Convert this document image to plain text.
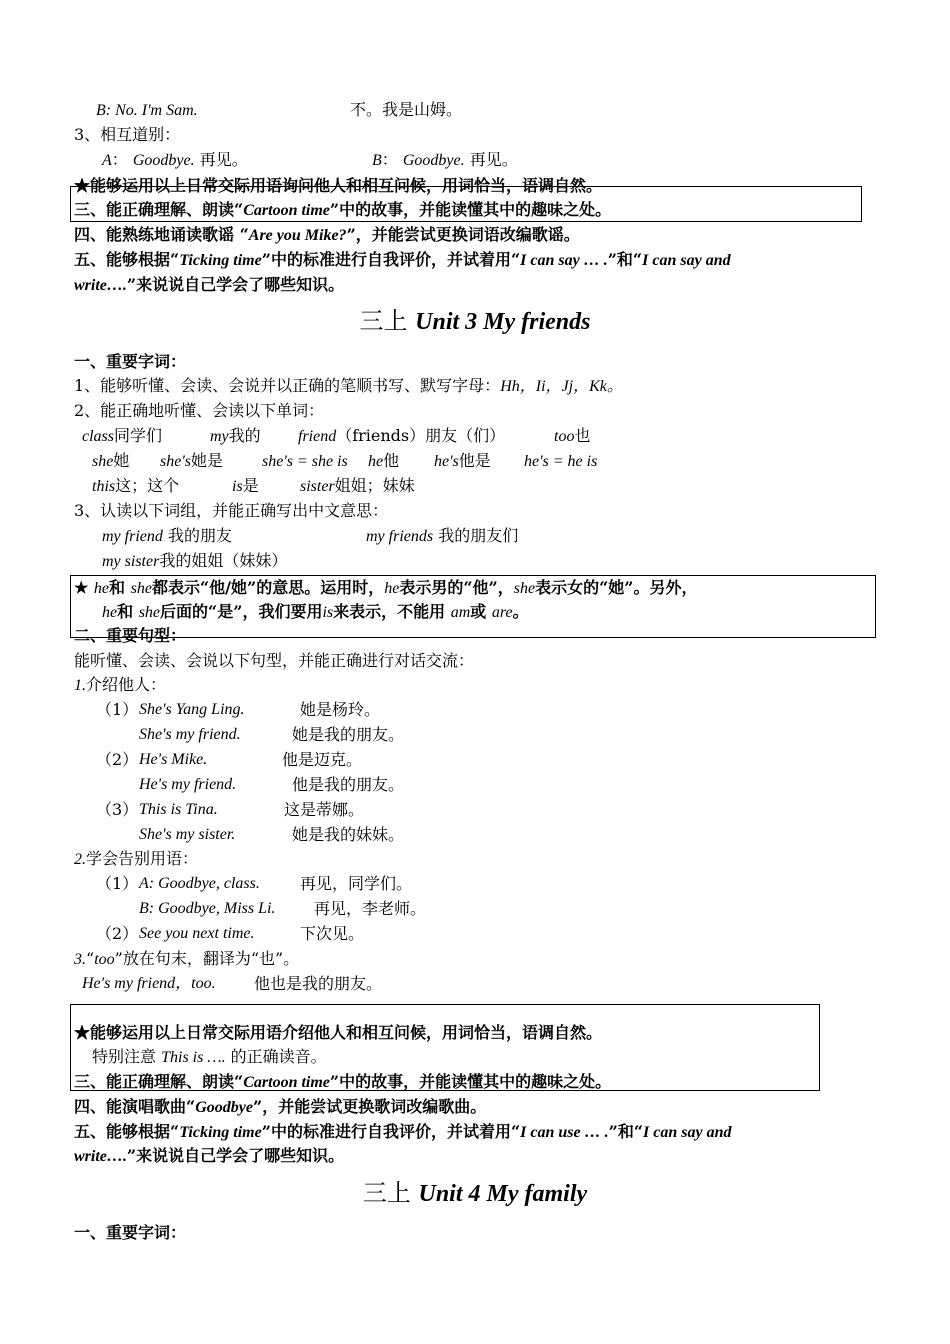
B: No. I'm Sam.	不。我是山姆。
3、相互道别：
A： Goodbye. 再见。	B： Goodbye. 再见。
★能够运用以上日常交际用语询问他人和相互问候，用词恰当，语调自然。
三、能正确理解、朗读“Cartoon time”中的故事，并能读懂其中的趣味之处。
四、能熟练地诵读歌谣 “Are you Mike?”，并能尝试更换词语改编歌谣。
五、能够根据“Ticking time”中的标准进行自我评价，并试着用“I can say … .”和“I can say and
write….”来说说自己学会了哪些知识。
三上 Unit 3 My friends
一、重要字词：
1、能够听懂、会读、会说并以正确的笔顺书写、默写字母：Hh，Ii，Jj，Kk。
2、能正确地听懂、会读以下单词：
class同学们	my我的 friend（friends）朋友（们）	too也
she她 she's她是 she's = she is he他 he's他是 he's = he is
this这；这个	is是	sister姐姐；妹妹
3、认读以下词组，并能正确写出中文意思：
my friend 我的朋友	my friends 我的朋友们
my sister我的姐姐（妹妹）
★ he和 she都表示“他/她”的意思。运用时，he表示男的“他”，she表示女的“她”。另外，
he和 she后面的“是”，我们要用is来表示，不能用 am或 are。
二、重要句型：
能听懂、会读、会说以下句型，并能正确进行对话交流：
1.介绍他人：
（1） She's Yang Ling.	她是杨玲。
She's my friend.	她是我的朋友。
（2） He's Mike.	他是迈克。
He's my friend.	他是我的朋友。
（3） This is Tina.	这是蒂娜。
She's my sister.	她是我的妹妹。
2.学会告别用语：
（1） A: Goodbye, class.	再见，同学们。
B: Goodbye, Miss Li. 再见，李老师。
（2） See you next time.	下次见。
3.“too”放在句末，翻译为“也”。
He's my friend，too. 他也是我的朋友。
★能够运用以上日常交际用语介绍他人和相互问候，用词恰当，语调自然。
特别注意 This is …. 的正确读音。
三、能正确理解、朗读“Cartoon time”中的故事，并能读懂其中的趣味之处。
四、能演唱歌曲“Goodbye”，并能尝试更换歌词改编歌曲。
五、能够根据“Ticking time”中的标准进行自我评价，并试着用“I can use … .”和“I can say and
write….”来说说自己学会了哪些知识。
三上 Unit 4 My family
一、重要字词：
